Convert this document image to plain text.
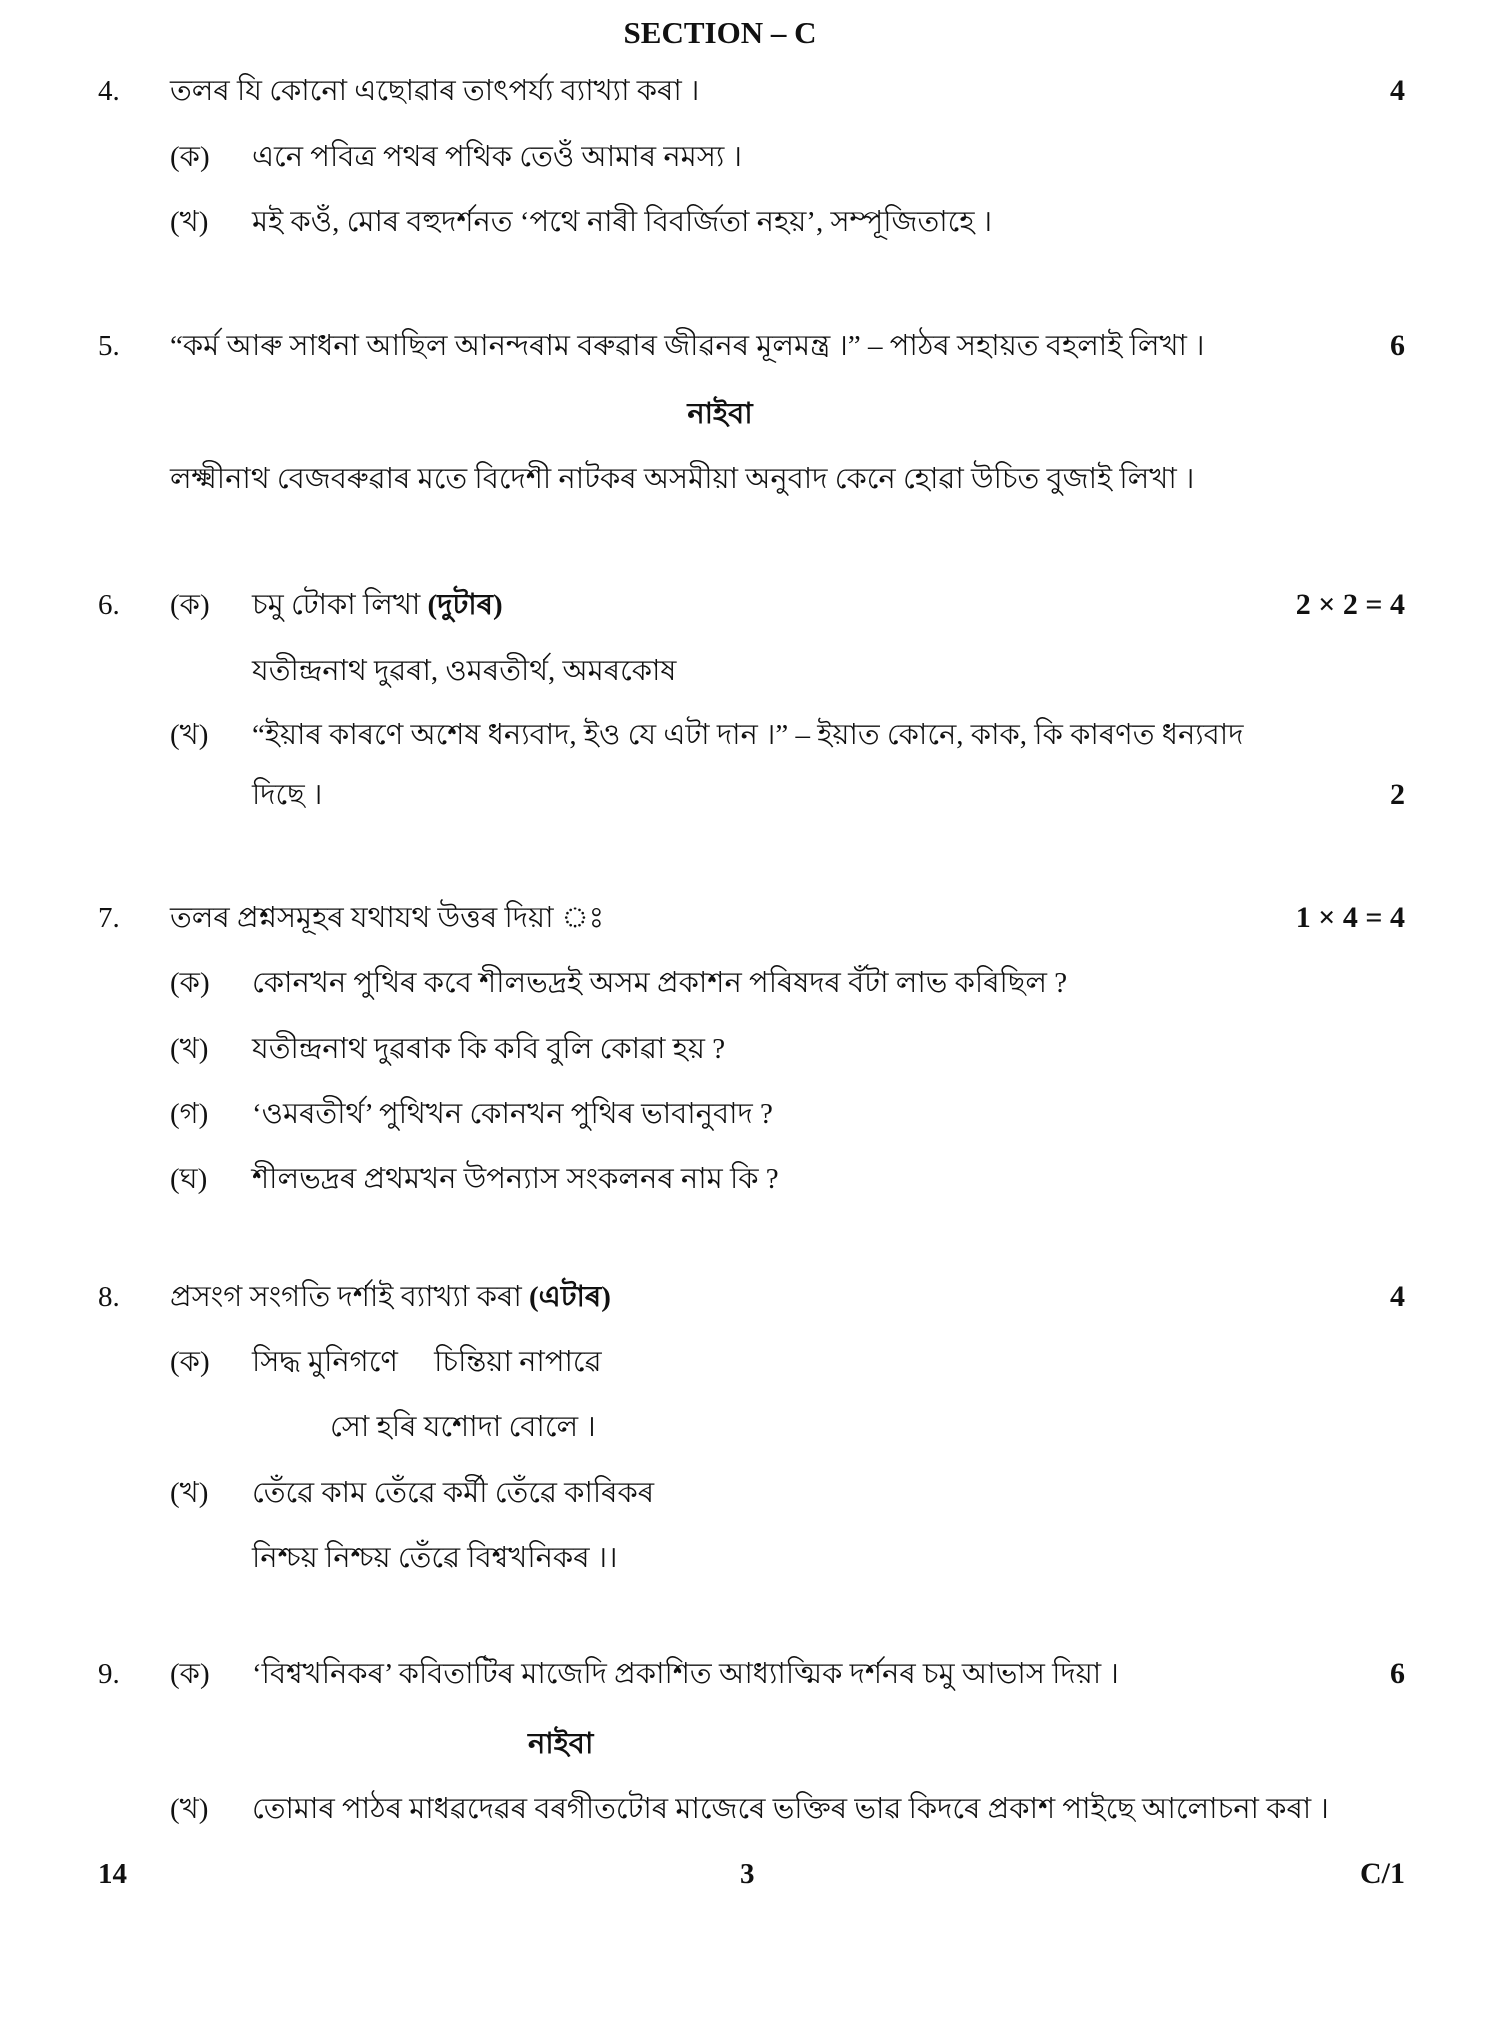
SECTION – C
4. তলৰ যি কোনো এছোৱাৰ তাৎপৰ্য্য ব্যাখ্যা কৰা ।	4
(ক) এনে পবিত্ৰ পথৰ পথিক তেওঁ আমাৰ নমস্য ।
(খ) মই কওঁ, মোৰ বহুদৰ্শনত ‘পথে নাৰী বিবৰ্জিতা নহয়’, সম্পূজিতাহে ।
5. “কৰ্ম আৰু সাধনা আছিল আনন্দৰাম বৰুৱাৰ জীৱনৰ মূলমন্ত্ৰ ।” – পাঠৰ সহায়ত বহলাই লিখা ।	6
নাইবা
লক্ষ্মীনাথ বেজবৰুৱাৰ মতে বিদেশী নাটকৰ অসমীয়া অনুবাদ কেনে হোৱা উচিত বুজাই লিখা ।
6. (ক) চমু টোকা লিখা (দুটাৰ)	2 × 2 = 4
যতীন্দ্ৰনাথ দুৱৰা, ওমৰতীৰ্থ, অমৰকোষ
(খ) “ইয়াৰ কাৰণে অশেষ ধন্যবাদ, ইও যে এটা দান ।” – ইয়াত কোনে, কাক, কি কাৰণত ধন্যবাদ
দিছে ।	2
7. তলৰ প্ৰশ্নসমূহৰ যথাযথ উত্তৰ দিয়া ঃ	1 × 4 = 4
(ক) কোনখন পুথিৰ কবে শীলভদ্ৰই অসম প্ৰকাশন পৰিষদৰ বঁটা লাভ কৰিছিল ?
(খ) যতীন্দ্ৰনাথ দুৱৰাক কি কবি বুলি কোৱা হয় ?
(গ) ‘ওমৰতীৰ্থ’ পুথিখন কোনখন পুথিৰ ভাবানুবাদ ?
(ঘ) শীলভদ্ৰৰ প্ৰথমখন উপন্যাস সংকলনৰ নাম কি ?
8. প্ৰসংগ সংগতি দৰ্শাই ব্যাখ্যা কৰা (এটাৰ)	4
(ক) সিদ্ধ মুনিগণে     চিন্তিয়া নাপাৱে
সো হৰি যশোদা বোলে ।
(খ) তেঁৱে কাম তেঁৱে কৰ্মী তেঁৱে কাৰিকৰ
নিশ্চয় নিশ্চয় তেঁৱে বিশ্বখনিকৰ ।।
9. (ক) ‘বিশ্বখনিকৰ’ কবিতাটিৰ মাজেদি প্ৰকাশিত আধ্যাত্মিক দৰ্শনৰ চমু আভাস দিয়া ।	6
নাইবা
(খ) তোমাৰ পাঠৰ মাধৱদেৱৰ বৰগীতটোৰ মাজেৰে ভক্তিৰ ভাৱ কিদৰে প্ৰকাশ পাইছে আলোচনা কৰা ।
14	3	C/1
